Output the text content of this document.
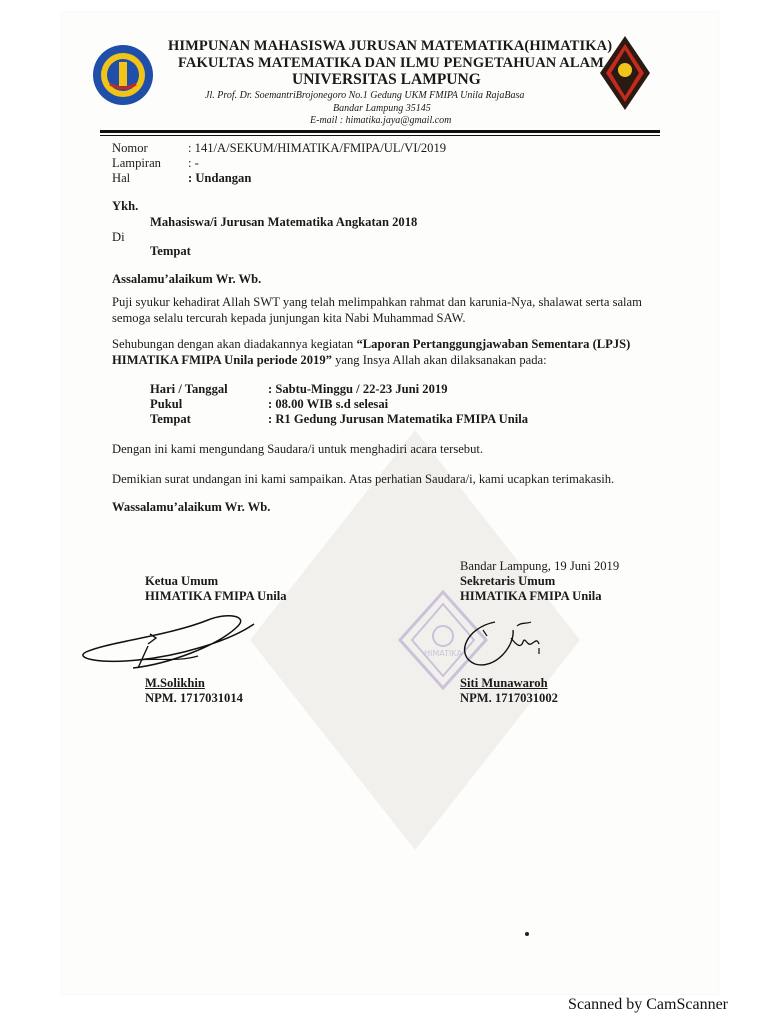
HIMPUNAN MAHASISWA JURUSAN MATEMATIKA(HIMATIKA)
FAKULTAS MATEMATIKA DAN ILMU PENGETAHUAN ALAM
UNIVERSITAS LAMPUNG
Jl. Prof. Dr. SoemantriBrojonegoro No.1 Gedung UKM FMIPA Unila RajaBasa
Bandar Lampung 35145
E-mail : himatika.jaya@gmail.com
Nomor	: 141/A/SEKUM/HIMATIKA/FMIPA/UL/VI/2019
Lampiran : -
Hal	: Undangan
Ykh.
Mahasiswa/i Jurusan Matematika Angkatan 2018
Di
Tempat
Assalamu’alaikum Wr. Wb.
Puji syukur kehadirat Allah SWT yang telah melimpahkan rahmat dan karunia-Nya, shalawat serta salam semoga selalu tercurah kepada junjungan kita Nabi Muhammad SAW.
Sehubungan dengan akan diadakannya kegiatan “Laporan Pertanggungjawaban Sementara (LPJS) HIMATIKA FMIPA Unila periode 2019” yang Insya Allah akan dilaksanakan pada:
Hari / Tanggal	: Sabtu-Minggu / 22-23 Juni 2019
Pukul	: 08.00 WIB s.d selesai
Tempat	: R1 Gedung Jurusan Matematika FMIPA Unila
Dengan ini kami mengundang Saudara/i untuk menghadiri acara tersebut.
Demikian surat undangan ini kami sampaikan. Atas perhatian Saudara/i, kami ucapkan terimakasih.
Wassalamu’alaikum Wr. Wb.
Bandar Lampung, 19 Juni 2019
Ketua Umum
HIMATIKA FMIPA Unila
Sekretaris Umum
HIMATIKA FMIPA Unila
HIMATIKA
M.Solikhin
NPM. 1717031014
Siti Munawaroh
NPM. 1717031002
Scanned by CamScanner
